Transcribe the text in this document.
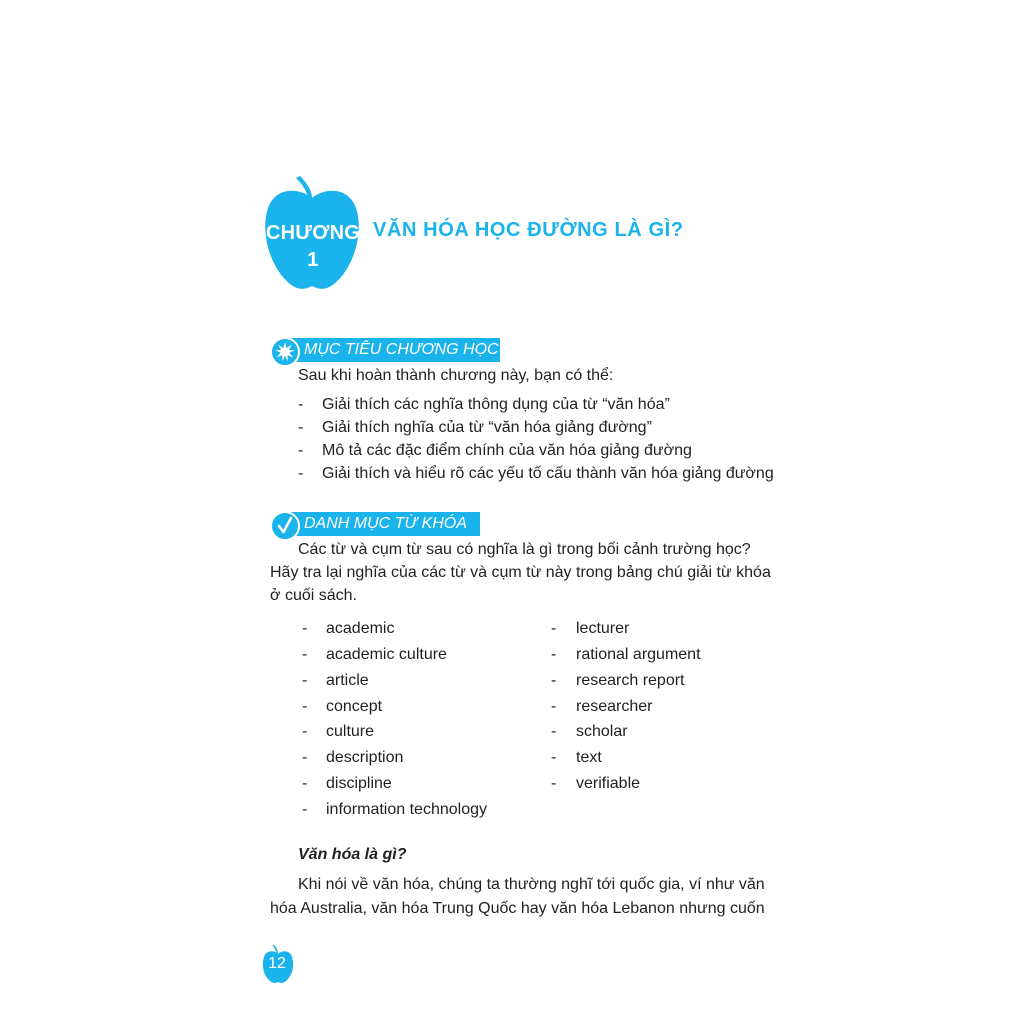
CHƯƠNG
1
VĂN HÓA HỌC ĐƯỜNG LÀ GÌ?
MỤC TIÊU CHƯƠNG HỌC
Sau khi hoàn thành chương này, bạn có thể:
- Giải thích các nghĩa thông dụng của từ “văn hóa”
- Giải thích nghĩa của từ “văn hóa giảng đường”
- Mô tả các đặc điểm chính của văn hóa giảng đường
- Giải thích và hiểu rõ các yếu tố cấu thành văn hóa giảng đường
DANH MỤC TỪ KHÓA
Các từ và cụm từ sau có nghĩa là gì trong bối cảnh trường học?
Hãy tra lại nghĩa của các từ và cụm từ này trong bảng chú giải từ khóa
ở cuối sách.
- academic
- academic culture
- article
- concept
- culture
- description
- discipline
- information technology
- lecturer
- rational argument
- research report
- researcher
- scholar
- text
- verifiable
Văn hóa là gì?
Khi nói về văn hóa, chúng ta thường nghĩ tới quốc gia, ví như văn
hóa Australia, văn hóa Trung Quốc hay văn hóa Lebanon nhưng cuốn
12
